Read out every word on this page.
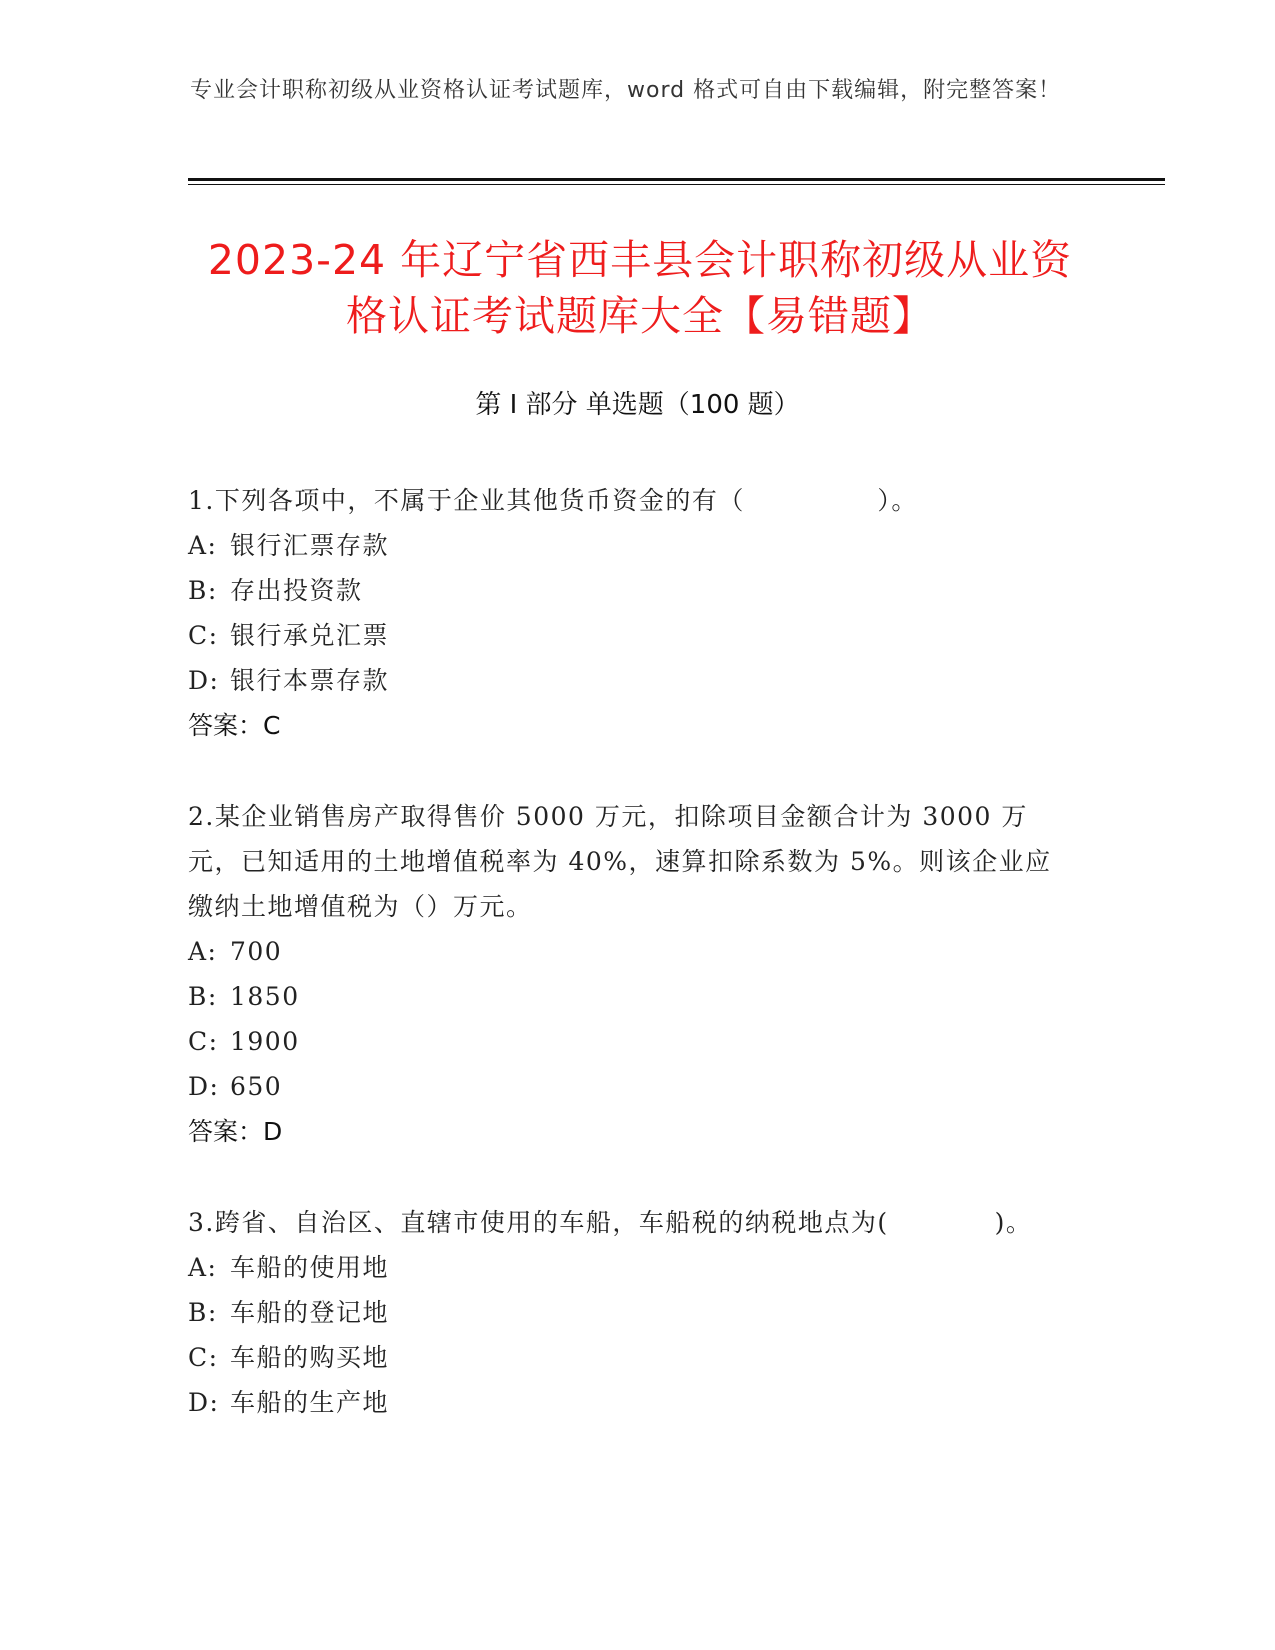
专业会计职称初级从业资格认证考试题库，word 格式可自由下载编辑，附完整答案！
2023-24 年辽宁省西丰县会计职称初级从业资格认证考试题库大全【易错题】
第 I 部分 单选题（100 题）
1.下列各项中，不属于企业其他货币资金的有（　　　　　）。
A: 银行汇票存款
B: 存出投资款
C: 银行承兑汇票
D: 银行本票存款
答案：C
2.某企业销售房产取得售价 5000 万元，扣除项目金额合计为 3000 万元，已知适用的土地增值税率为 40%，速算扣除系数为 5%。则该企业应缴纳土地增值税为（）万元。
A: 700
B: 1850
C: 1900
D: 650
答案：D
3.跨省、自治区、直辖市使用的车船，车船税的纳税地点为(　　　　)。
A: 车船的使用地
B: 车船的登记地
C: 车船的购买地
D: 车船的生产地
